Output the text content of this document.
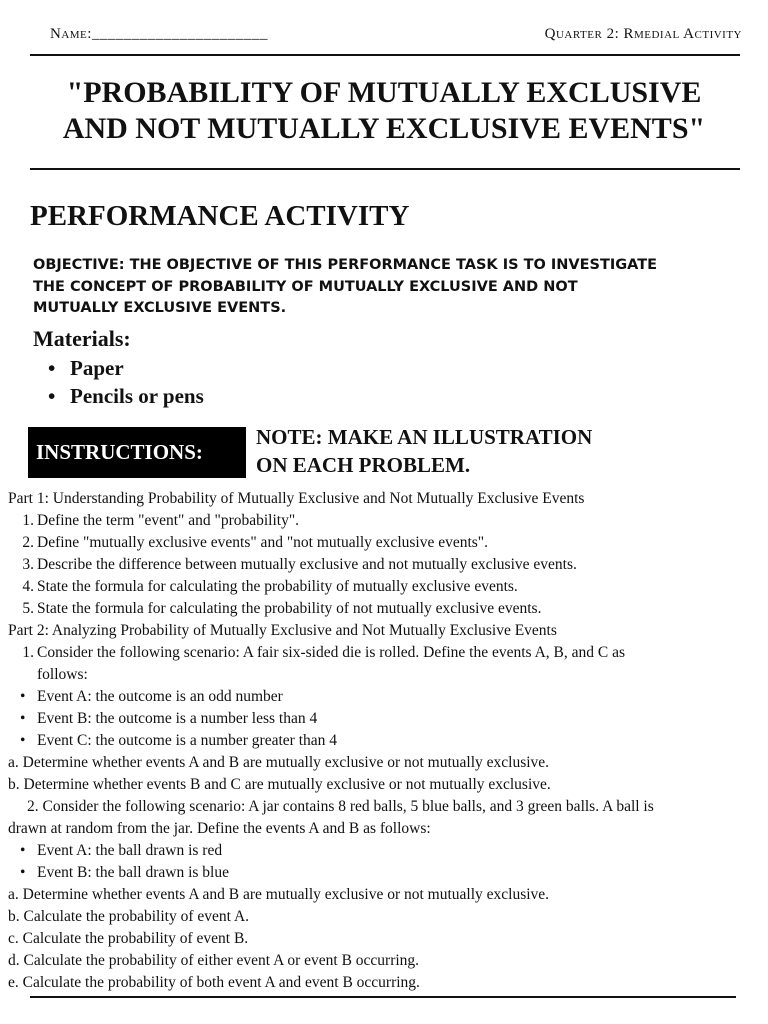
Name:______________________	Quarter 2: Rmedial Activity
"PROBABILITY OF MUTUALLY EXCLUSIVE
AND NOT MUTUALLY EXCLUSIVE EVENTS"
PERFORMANCE ACTIVITY
OBJECTIVE: THE OBJECTIVE OF THIS PERFORMANCE TASK IS TO INVESTIGATE
THE CONCEPT OF PROBABILITY OF MUTUALLY EXCLUSIVE AND NOT
MUTUALLY EXCLUSIVE EVENTS.
Materials:
• Paper
• Pencils or pens
INSTRUCTIONS:
NOTE: MAKE AN ILLUSTRATION
ON EACH PROBLEM.
Part 1: Understanding Probability of Mutually Exclusive and Not Mutually Exclusive Events
1. Define the term "event" and "probability".
2. Define "mutually exclusive events" and "not mutually exclusive events".
3. Describe the difference between mutually exclusive and not mutually exclusive events.
4. State the formula for calculating the probability of mutually exclusive events.
5. State the formula for calculating the probability of not mutually exclusive events.
Part 2: Analyzing Probability of Mutually Exclusive and Not Mutually Exclusive Events
1. Consider the following scenario: A fair six-sided die is rolled. Define the events A, B, and C as
follows:
• Event A: the outcome is an odd number
• Event B: the outcome is a number less than 4
• Event C: the outcome is a number greater than 4
a. Determine whether events A and B are mutually exclusive or not mutually exclusive.
b. Determine whether events B and C are mutually exclusive or not mutually exclusive.
2. Consider the following scenario: A jar contains 8 red balls, 5 blue balls, and 3 green balls. A ball is
drawn at random from the jar. Define the events A and B as follows:
• Event A: the ball drawn is red
• Event B: the ball drawn is blue
a. Determine whether events A and B are mutually exclusive or not mutually exclusive.
b. Calculate the probability of event A.
c. Calculate the probability of event B.
d. Calculate the probability of either event A or event B occurring.
e. Calculate the probability of both event A and event B occurring.
